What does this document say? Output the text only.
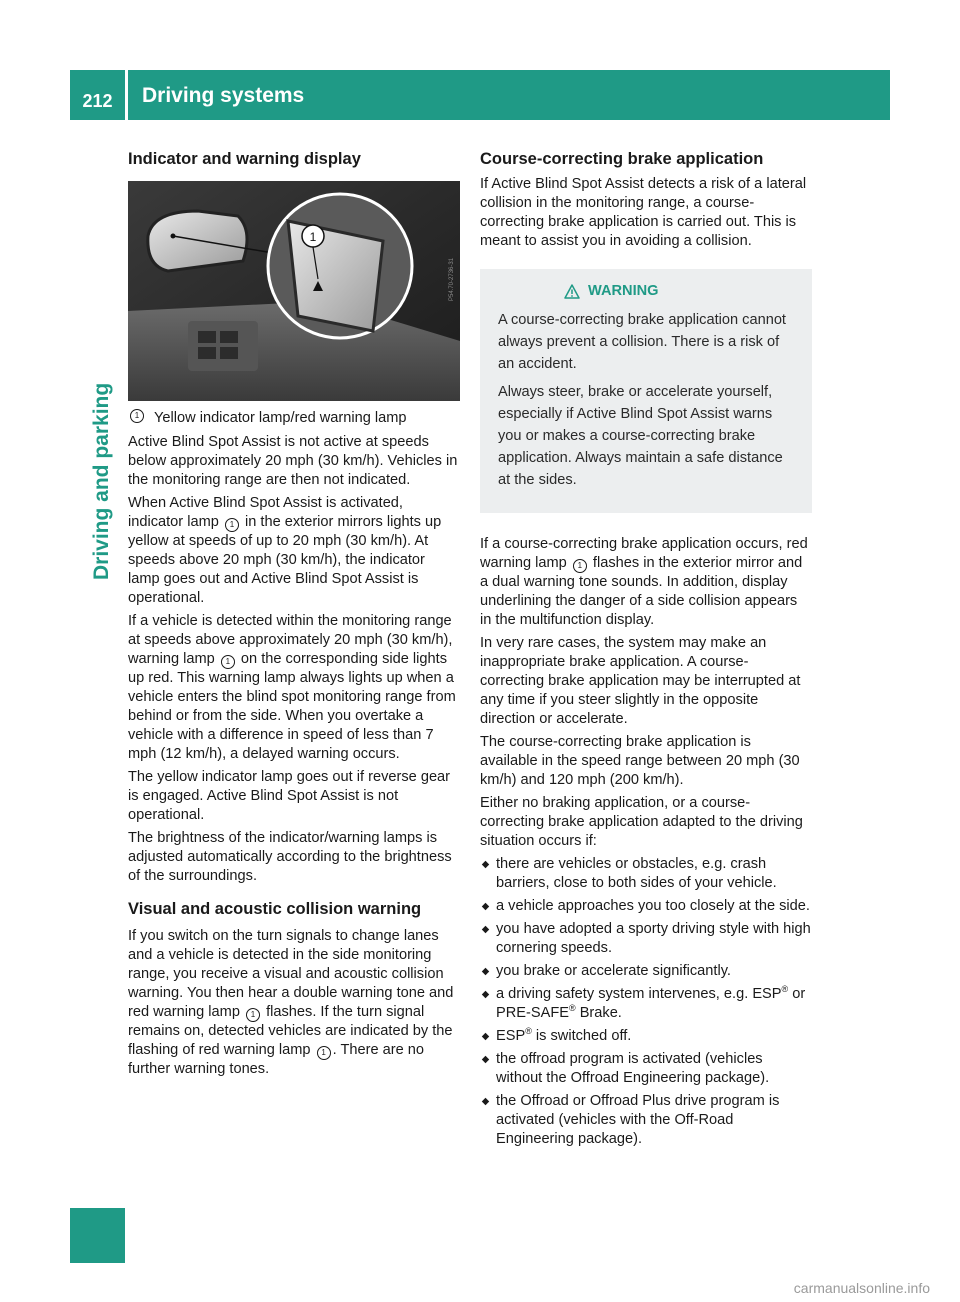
212	Driving systems
Driving and parking
Indicator and warning display
1
P54.70-2736-31
1	Yellow indicator lamp/red warning lamp

Active Blind Spot Assist is not active at speeds below approximately 20 mph (30 km/h). Vehicles in the monitoring range are then not indicated.

When Active Blind Spot Assist is activated, indicator lamp 1 in the exterior mirrors lights up yellow at speeds of up to 20 mph (30 km/h). At speeds above 20 mph (30 km/h), the indicator lamp goes out and Active Blind Spot Assist is operational.

If a vehicle is detected within the monitoring range at speeds above approximately 20 mph (30 km/h), warning lamp 1 on the corresponding side lights up red. This warning lamp always lights up when a vehicle enters the blind spot monitoring range from behind or from the side. When you overtake a vehicle with a difference in speed of less than 7 mph (12 km/h), a delayed warning occurs.

The yellow indicator lamp goes out if reverse gear is engaged. Active Blind Spot Assist is not operational.

The brightness of the indicator/warning lamps is adjusted automatically according to the brightness of the surroundings.

Visual and acoustic collision warning

If you switch on the turn signals to change lanes and a vehicle is detected in the side monitoring range, you receive a visual and acoustic collision warning. You then hear a double warning tone and red warning lamp 1 flashes. If the turn signal remains on, detected vehicles are indicated by the flashing of red warning lamp 1 . There are no further warning tones.

Course-correcting brake application

If Active Blind Spot Assist detects a risk of a lateral collision in the monitoring range, a course-correcting brake application is carried out. This is meant to assist you in avoiding a collision.

WARNING

A course-correcting brake application cannot always prevent a collision. There is a risk of an accident.

Always steer, brake or accelerate yourself, especially if Active Blind Spot Assist warns you or makes a course-correcting brake application. Always maintain a safe distance at the sides.

If a course-correcting brake application occurs, red warning lamp 1 flashes in the exterior mirror and a dual warning tone sounds. In addition, display underlining the danger of a side collision appears in the multifunction display.

In very rare cases, the system may make an inappropriate brake application. A course-correcting brake application may be interrupted at any time if you steer slightly in the opposite direction or accelerate.

The course-correcting brake application is available in the speed range between 20 mph (30 km/h) and 120 mph (200 km/h).

Either no braking application, or a course-correcting brake application adapted to the driving situation occurs if:

there are vehicles or obstacles, e.g. crash barriers, close to both sides of your vehicle.
a vehicle approaches you too closely at the side.
you have adopted a sporty driving style with high cornering speeds.
you brake or accelerate significantly.
a driving safety system intervenes, e.g. ESP® or PRE-SAFE® Brake.
ESP® is switched off.
the offroad program is activated (vehicles without the Offroad Engineering package).
the Offroad or Offroad Plus drive program is activated (vehicles with the Off-Road Engineering package).
carmanualsonline.info
